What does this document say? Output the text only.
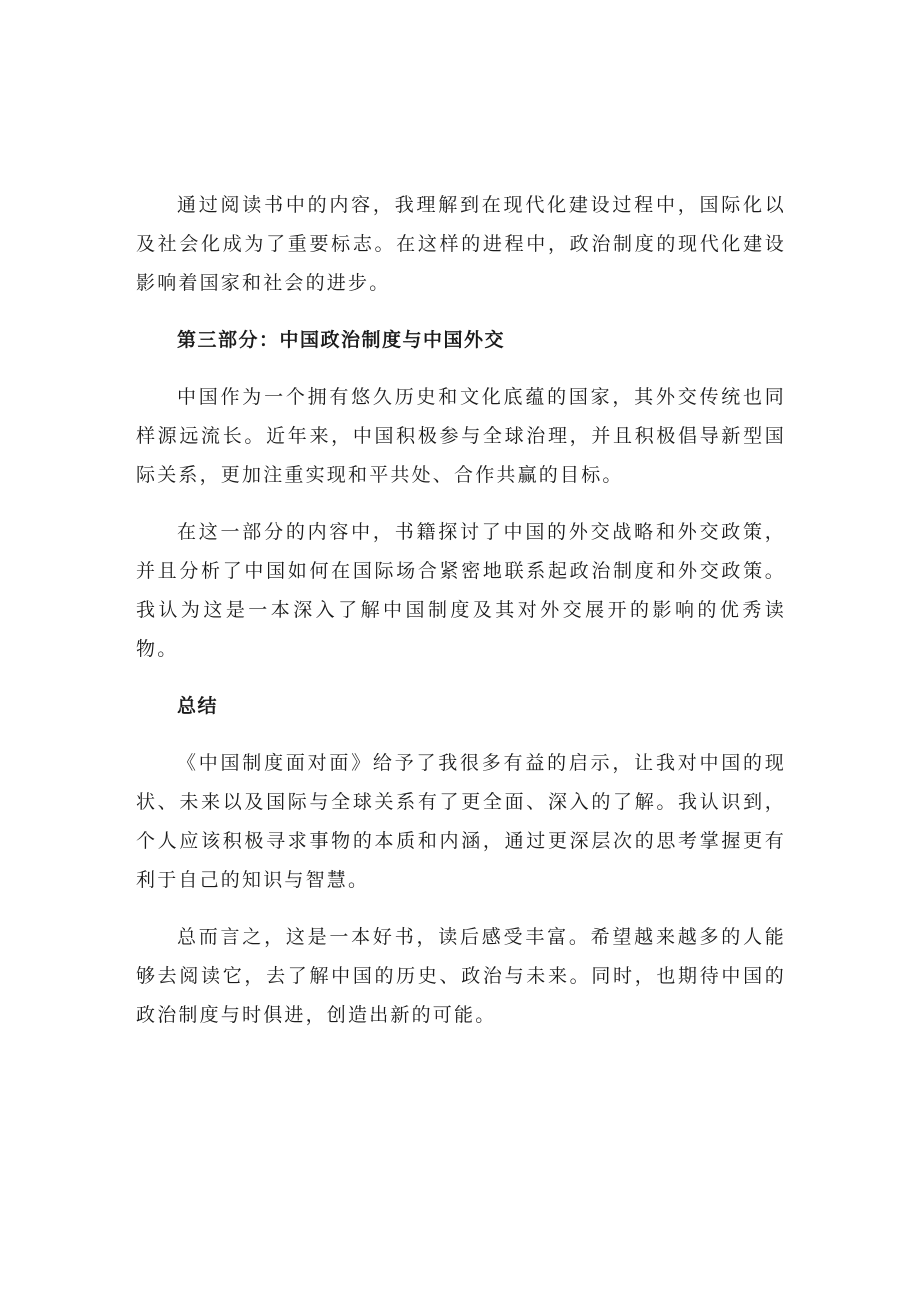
通过阅读书中的内容，我理解到在现代化建设过程中，国际化以及社会化成为了重要标志。在这样的进程中，政治制度的现代化建设影响着国家和社会的进步。

第三部分：中国政治制度与中国外交

中国作为一个拥有悠久历史和文化底蕴的国家，其外交传统也同样源远流长。近年来，中国积极参与全球治理，并且积极倡导新型国际关系，更加注重实现和平共处、合作共赢的目标。

在这一部分的内容中，书籍探讨了中国的外交战略和外交政策，并且分析了中国如何在国际场合紧密地联系起政治制度和外交政策。我认为这是一本深入了解中国制度及其对外交展开的影响的优秀读物。

总结

《中国制度面对面》给予了我很多有益的启示，让我对中国的现状、未来以及国际与全球关系有了更全面、深入的了解。我认识到，个人应该积极寻求事物的本质和内涵，通过更深层次的思考掌握更有利于自己的知识与智慧。

总而言之，这是一本好书，读后感受丰富。希望越来越多的人能够去阅读它，去了解中国的历史、政治与未来。同时，也期待中国的政治制度与时俱进，创造出新的可能。
